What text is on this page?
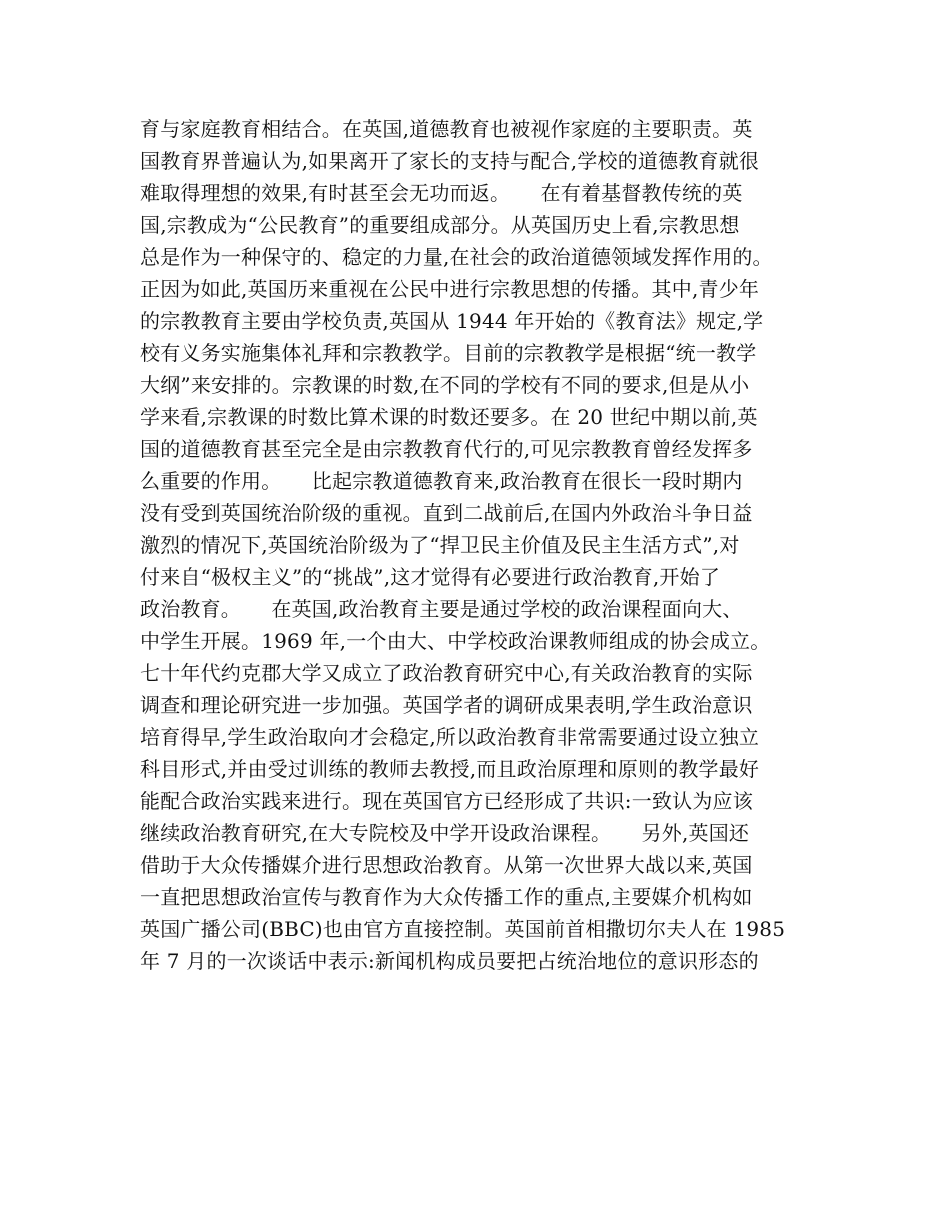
育与家庭教育相结合。在英国,道德教育也被视作家庭的主要职责。英
国教育界普遍认为,如果离开了家长的支持与配合,学校的道德教育就很
难取得理想的效果,有时甚至会无功而返。　　在有着基督教传统的英
国,宗教成为“公民教育”的重要组成部分。从英国历史上看,宗教思想
总是作为一种保守的、稳定的力量,在社会的政治道德领域发挥作用的。
正因为如此,英国历来重视在公民中进行宗教思想的传播。其中,青少年
的宗教教育主要由学校负责,英国从 1944 年开始的《教育法》规定,学
校有义务实施集体礼拜和宗教教学。目前的宗教教学是根据“统一教学
大纲”来安排的。宗教课的时数,在不同的学校有不同的要求,但是从小
学来看,宗教课的时数比算术课的时数还要多。在 20 世纪中期以前,英
国的道德教育甚至完全是由宗教教育代行的,可见宗教教育曾经发挥多
么重要的作用。　　比起宗教道德教育来,政治教育在很长一段时期内
没有受到英国统治阶级的重视。直到二战前后,在国内外政治斗争日益
激烈的情况下,英国统治阶级为了“捍卫民主价值及民主生活方式”,对
付来自“极权主义”的“挑战”,这才觉得有必要进行政治教育,开始了
政治教育。　　在英国,政治教育主要是通过学校的政治课程面向大、
中学生开展。1969 年,一个由大、中学校政治课教师组成的协会成立。
七十年代约克郡大学又成立了政治教育研究中心,有关政治教育的实际
调查和理论研究进一步加强。英国学者的调研成果表明,学生政治意识
培育得早,学生政治取向才会稳定,所以政治教育非常需要通过设立独立
科目形式,并由受过训练的教师去教授,而且政治原理和原则的教学最好
能配合政治实践来进行。现在英国官方已经形成了共识:一致认为应该
继续政治教育研究,在大专院校及中学开设政治课程。　　另外,英国还
借助于大众传播媒介进行思想政治教育。从第一次世界大战以来,英国
一直把思想政治宣传与教育作为大众传播工作的重点,主要媒介机构如
英国广播公司(BBC)也由官方直接控制。英国前首相撒切尔夫人在 1985
年 7 月的一次谈话中表示:新闻机构成员要把占统治地位的意识形态的
